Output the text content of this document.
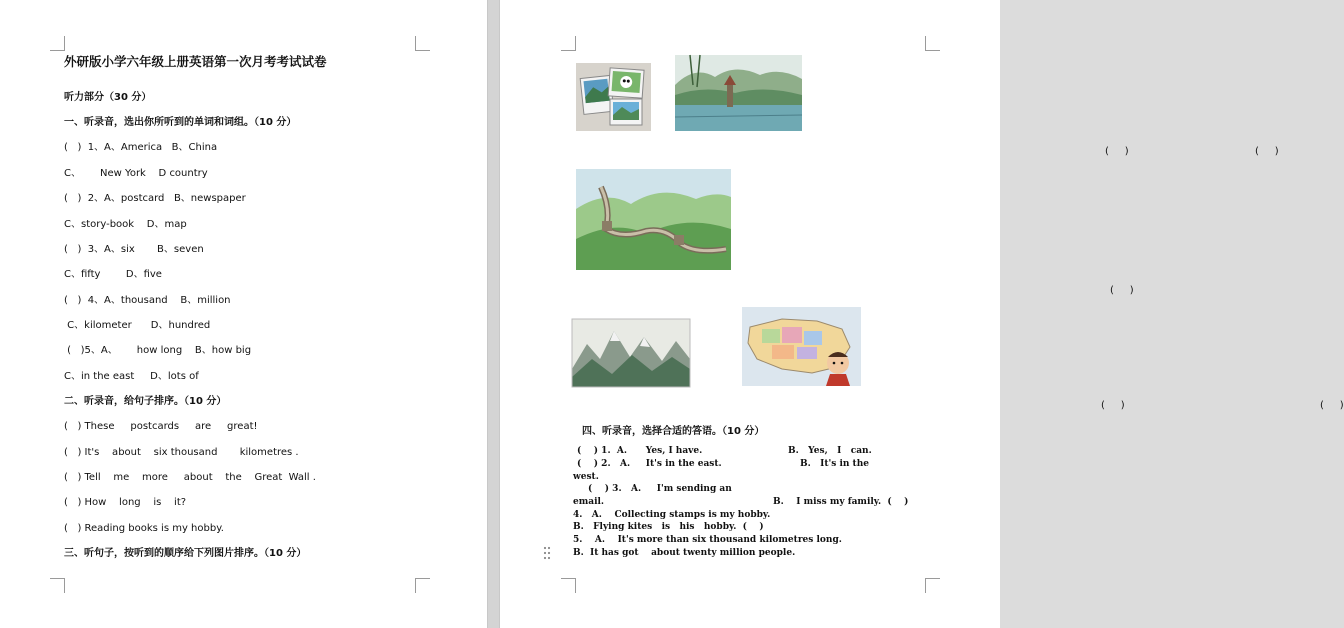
外研版小学六年级上册英语第一次月考考试试卷
听力部分（30 分）
一、听录音，选出你所听到的单词和词组。（10 分）
(   )  1、A、America   B、China
C、      New York    D country
(   )  2、A、postcard   B、newspaper
C、story-book    D、map
(   )  3、A、six       B、seven
C、fifty        D、five
(   )  4、A、thousand    B、million
C、kilometer      D、hundred
(   )5、A、      how long    B、how big
C、in the east     D、lots of
二、听录音，给句子排序。（10 分）
(   ) These     postcards     are     great!
(   ) It's    about    six thousand       kilometres .
(   ) Tell    me    more     about    the    Great  Wall .
(   ) How    long    is    it?
(   ) Reading books is my hobby.
三、听句子，按听到的顺序给下列图片排序。（10 分）
(     )	(     )
(     )
(     )	(     )
四、听录音，选择合适的答语。（10 分）
(    ) 1.  A.      Yes, I have.	B.   Yes,   I   can.
(    ) 2.   A.     It's in the east.	B.   It's in the
west.
(    ) 3.   A.     I'm sending an
email.	B.    I miss my family.  (    )
4.   A.    Collecting stamps is my hobby.
B.   Flying kites   is   his   hobby.  (    )
5.    A.    It's more than six thousand kilometres long.
B.  It has got    about twenty million people.
